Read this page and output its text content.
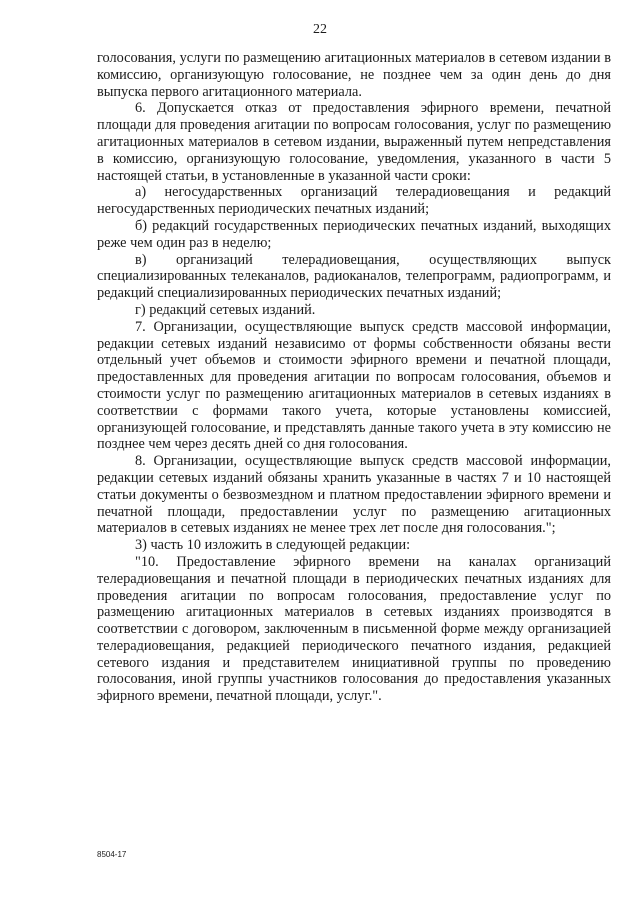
22

голосования, услуги по размещению агитационных материалов в сетевом издании в комиссию, организующую голосование, не позднее чем за один день до дня выпуска первого агитационного материала.

6. Допускается отказ от предоставления эфирного времени, печатной площади для проведения агитации по вопросам голосования, услуг по размещению агитационных материалов в сетевом издании, выраженный путем непредставления в комиссию, организующую голосование, уведомления, указанного в части 5 настоящей статьи, в установленные в указанной части сроки:

а) негосударственных организаций телерадиовещания и редакций негосударственных периодических печатных изданий;

б) редакций государственных периодических печатных изданий, выходящих реже чем один раз в неделю;

в) организаций телерадиовещания, осуществляющих выпуск специализированных телеканалов, радиоканалов, телепрограмм, радиопрограмм, и редакций специализированных периодических печатных изданий;

г) редакций сетевых изданий.

7. Организации, осуществляющие выпуск средств массовой информации, редакции сетевых изданий независимо от формы собственности обязаны вести отдельный учет объемов и стоимости эфирного времени и печатной площади, предоставленных для проведения агитации по вопросам голосования, объемов и стоимости услуг по размещению агитационных материалов в сетевых изданиях в соответствии с формами такого учета, которые установлены комиссией, организующей голосование, и представлять данные такого учета в эту комиссию не позднее чем через десять дней со дня голосования.

8. Организации, осуществляющие выпуск средств массовой информации, редакции сетевых изданий обязаны хранить указанные в частях 7 и 10 настоящей статьи документы о безвозмездном и платном предоставлении эфирного времени и печатной площади, предоставлении услуг по размещению агитационных материалов в сетевых изданиях не менее трех лет после дня голосования.";

3) часть 10 изложить в следующей редакции:

"10. Предоставление эфирного времени на каналах организаций телерадиовещания и печатной площади в периодических печатных изданиях для проведения агитации по вопросам голосования, предоставление услуг по размещению агитационных материалов в сетевых изданиях производятся в соответствии с договором, заключенным в письменной форме между организацией телерадиовещания, редакцией периодического печатного издания, редакцией сетевого издания и представителем инициативной группы по проведению голосования, иной группы участников голосования до предоставления указанных эфирного времени, печатной площади, услуг.".

8504-17
